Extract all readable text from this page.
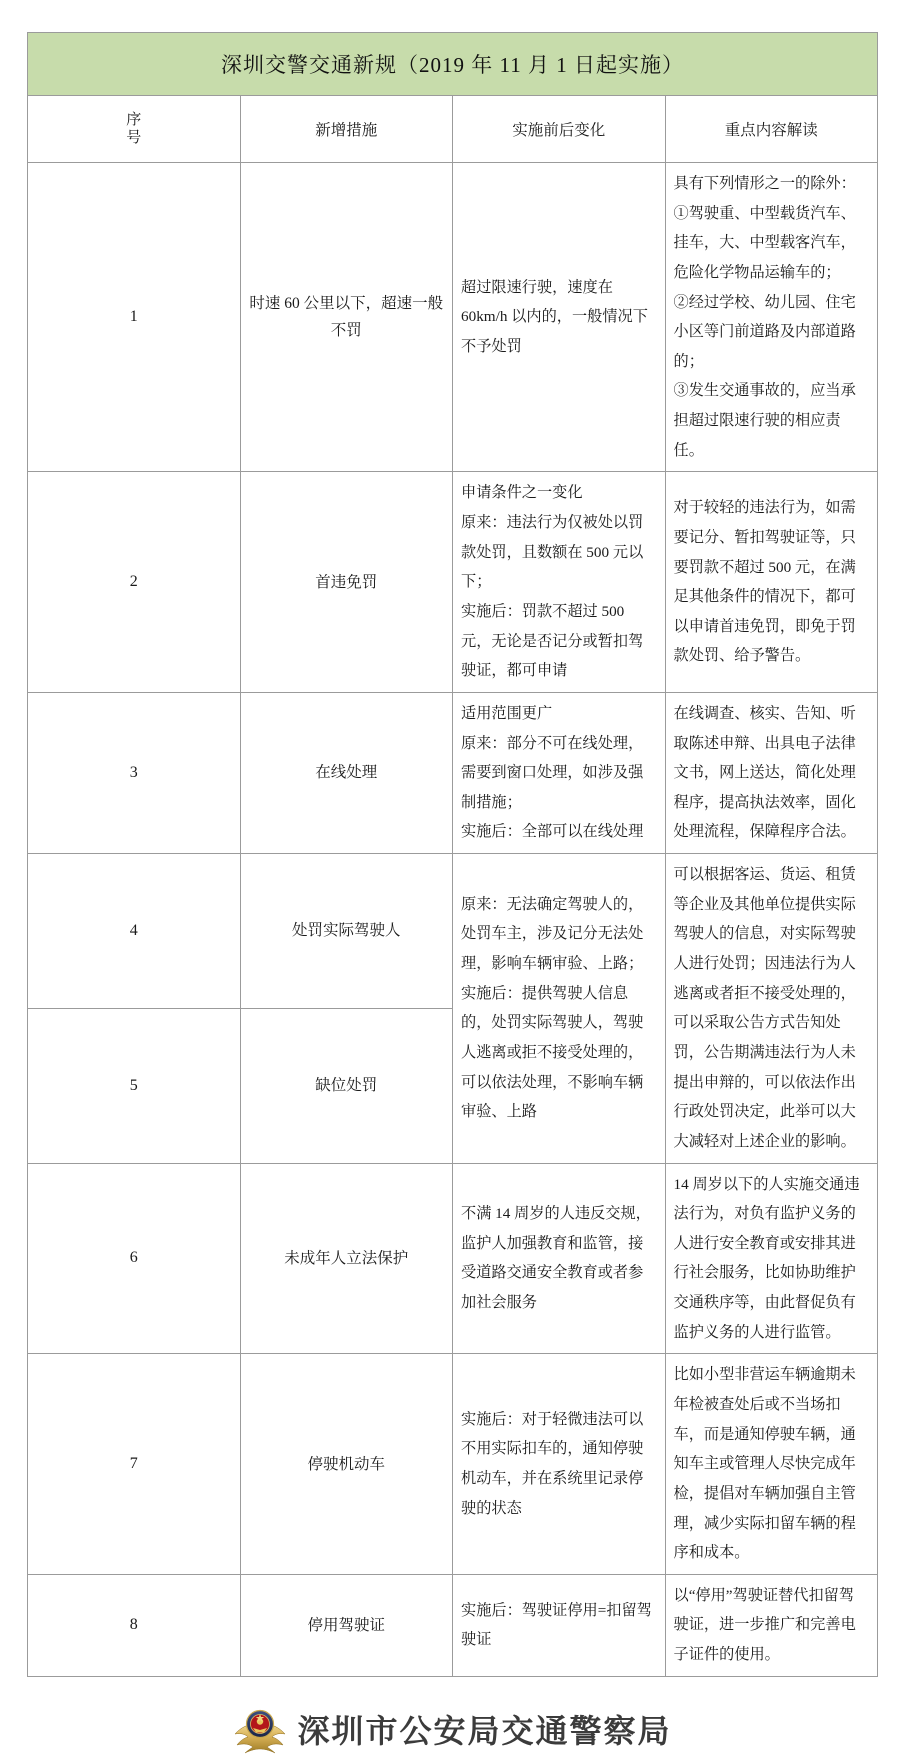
深圳交警交通新规（2019 年 11 月 1 日起实施）			

序
号	新增措施	实施前后变化	重点内容解读
1	时速 60 公里以下，超速一般不罚	超过限速行驶，速度在 60km/h 以内的，一般情况下不予处罚	具有下列情形之一的除外：

①驾驶重、中型载货汽车、挂车，大、中型载客汽车，危险化学物品运输车的；

②经过学校、幼儿园、住宅小区等门前道路及内部道路的；

③发生交通事故的，应当承担超过限速行驶的相应责任。

2	首违免罚	申请条件之一变化

原来：违法行为仅被处以罚款处罚，且数额在 500 元以下；

实施后：罚款不超过 500 元，无论是否记分或暂扣驾驶证，都可申请	对于较轻的违法行为，如需要记分、暂扣驾驶证等，只要罚款不超过 500 元，在满足其他条件的情况下，都可以申请首违免罚，即免于罚款处罚、给予警告。
3	在线处理	适用范围更广

原来：部分不可在线处理，需要到窗口处理，如涉及强制措施；

实施后：全部可以在线处理	在线调查、核实、告知、听取陈述申辩、出具电子法律文书，网上送达，简化处理程序，提高执法效率，固化处理流程，保障程序合法。
4	处罚实际驾驶人	原来：无法确定驾驶人的，处罚车主，涉及记分无法处理，影响车辆审验、上路；

实施后：提供驾驶人信息的，处罚实际驾驶人，驾驶人逃离或拒不接受处理的，可以依法处理，不影响车辆审验、上路	可以根据客运、货运、租赁等企业及其他单位提供实际驾驶人的信息，对实际驾驶人进行处罚；因违法行为人逃离或者拒不接受处理的，可以采取公告方式告知处罚，公告期满违法行为人未提出申辩的，可以依法作出行政处罚决定，此举可以大大减轻对上述企业的影响。
5	缺位处罚		
6	未成年人立法保护	不满 14 周岁的人违反交规，监护人加强教育和监管，接受道路交通安全教育或者参加社会服务	14 周岁以下的人实施交通违法行为，对负有监护义务的人进行安全教育或安排其进行社会服务，比如协助维护交通秩序等，由此督促负有监护义务的人进行监管。
7	停驶机动车	实施后：对于轻微违法可以不用实际扣车的，通知停驶机动车，并在系统里记录停驶的状态	比如小型非营运车辆逾期未年检被查处后或不当场扣车，而是通知停驶车辆，通知车主或管理人尽快完成年检，提倡对车辆加强自主管理，减少实际扣留车辆的程序和成本。
8	停用驾驶证	实施后：驾驶证停用=扣留驾驶证	以“停用”驾驶证替代扣留驾驶证，进一步推广和完善电子证件的使用。
深圳市公安局交通警察局
